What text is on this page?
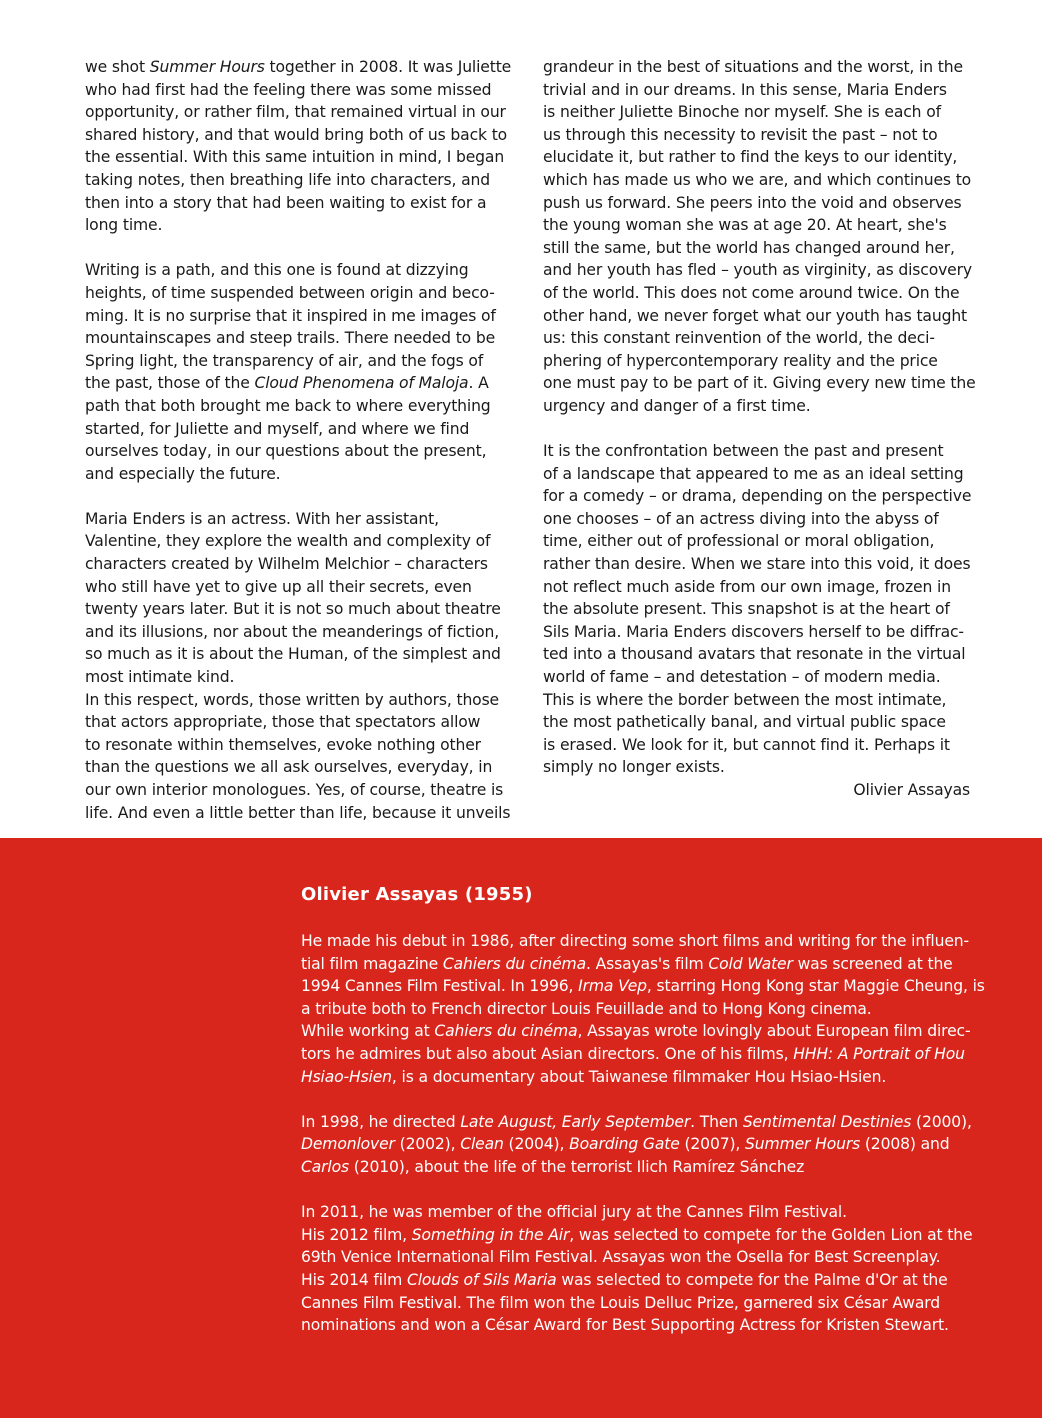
we shot Summer Hours together in 2008. It was Juliette
who had first had the feeling there was some missed
opportunity, or rather film, that remained virtual in our
shared history, and that would bring both of us back to
the essential. With this same intuition in mind, I began
taking notes, then breathing life into characters, and
then into a story that had been waiting to exist for a
long time.
Writing is a path, and this one is found at dizzying
heights, of time suspended between origin and beco-
ming. It is no surprise that it inspired in me images of
mountainscapes and steep trails. There needed to be
Spring light, the transparency of air, and the fogs of
the past, those of the Cloud Phenomena of Maloja. A
path that both brought me back to where everything
started, for Juliette and myself, and where we find
ourselves today, in our questions about the present,
and especially the future.
Maria Enders is an actress. With her assistant,
Valentine, they explore the wealth and complexity of
characters created by Wilhelm Melchior – characters
who still have yet to give up all their secrets, even
twenty years later. But it is not so much about theatre
and its illusions, nor about the meanderings of fiction,
so much as it is about the Human, of the simplest and
most intimate kind.
In this respect, words, those written by authors, those
that actors appropriate, those that spectators allow
to resonate within themselves, evoke nothing other
than the questions we all ask ourselves, everyday, in
our own interior monologues. Yes, of course, theatre is
life. And even a little better than life, because it unveils
grandeur in the best of situations and the worst, in the
trivial and in our dreams. In this sense, Maria Enders
is neither Juliette Binoche nor myself. She is each of
us through this necessity to revisit the past – not to
elucidate it, but rather to find the keys to our identity,
which has made us who we are, and which continues to
push us forward. She peers into the void and observes
the young woman she was at age 20. At heart, she's
still the same, but the world has changed around her,
and her youth has fled – youth as virginity, as discovery
of the world. This does not come around twice. On the
other hand, we never forget what our youth has taught
us: this constant reinvention of the world, the deci-
phering of hypercontemporary reality and the price
one must pay to be part of it. Giving every new time the
urgency and danger of a first time.
It is the confrontation between the past and present
of a landscape that appeared to me as an ideal setting
for a comedy – or drama, depending on the perspective
one chooses – of an actress diving into the abyss of
time, either out of professional or moral obligation,
rather than desire. When we stare into this void, it does
not reflect much aside from our own image, frozen in
the absolute present. This snapshot is at the heart of
Sils Maria. Maria Enders discovers herself to be diffrac-
ted into a thousand avatars that resonate in the virtual
world of fame – and detestation – of modern media.
This is where the border between the most intimate,
the most pathetically banal, and virtual public space
is erased. We look for it, but cannot find it. Perhaps it
simply no longer exists.
Olivier Assayas
Olivier Assayas (1955)
He made his debut in 1986, after directing some short films and writing for the influen-
tial film magazine Cahiers du cinéma. Assayas's film Cold Water was screened at the
1994 Cannes Film Festival. In 1996, Irma Vep, starring Hong Kong star Maggie Cheung, is
a tribute both to French director Louis Feuillade and to Hong Kong cinema.
While working at Cahiers du cinéma, Assayas wrote lovingly about European film direc-
tors he admires but also about Asian directors. One of his films, HHH: A Portrait of Hou
Hsiao-Hsien, is a documentary about Taiwanese filmmaker Hou Hsiao-Hsien.
In 1998, he directed Late August, Early September. Then Sentimental Destinies (2000),
Demonlover (2002), Clean (2004), Boarding Gate (2007), Summer Hours (2008) and
Carlos (2010), about the life of the terrorist Ilich Ramírez Sánchez
In 2011, he was member of the official jury at the Cannes Film Festival.
His 2012 film, Something in the Air, was selected to compete for the Golden Lion at the
69th Venice International Film Festival. Assayas won the Osella for Best Screenplay.
His 2014 film Clouds of Sils Maria was selected to compete for the Palme d'Or at the
Cannes Film Festival. The film won the Louis Delluc Prize, garnered six César Award
nominations and won a César Award for Best Supporting Actress for Kristen Stewart.
